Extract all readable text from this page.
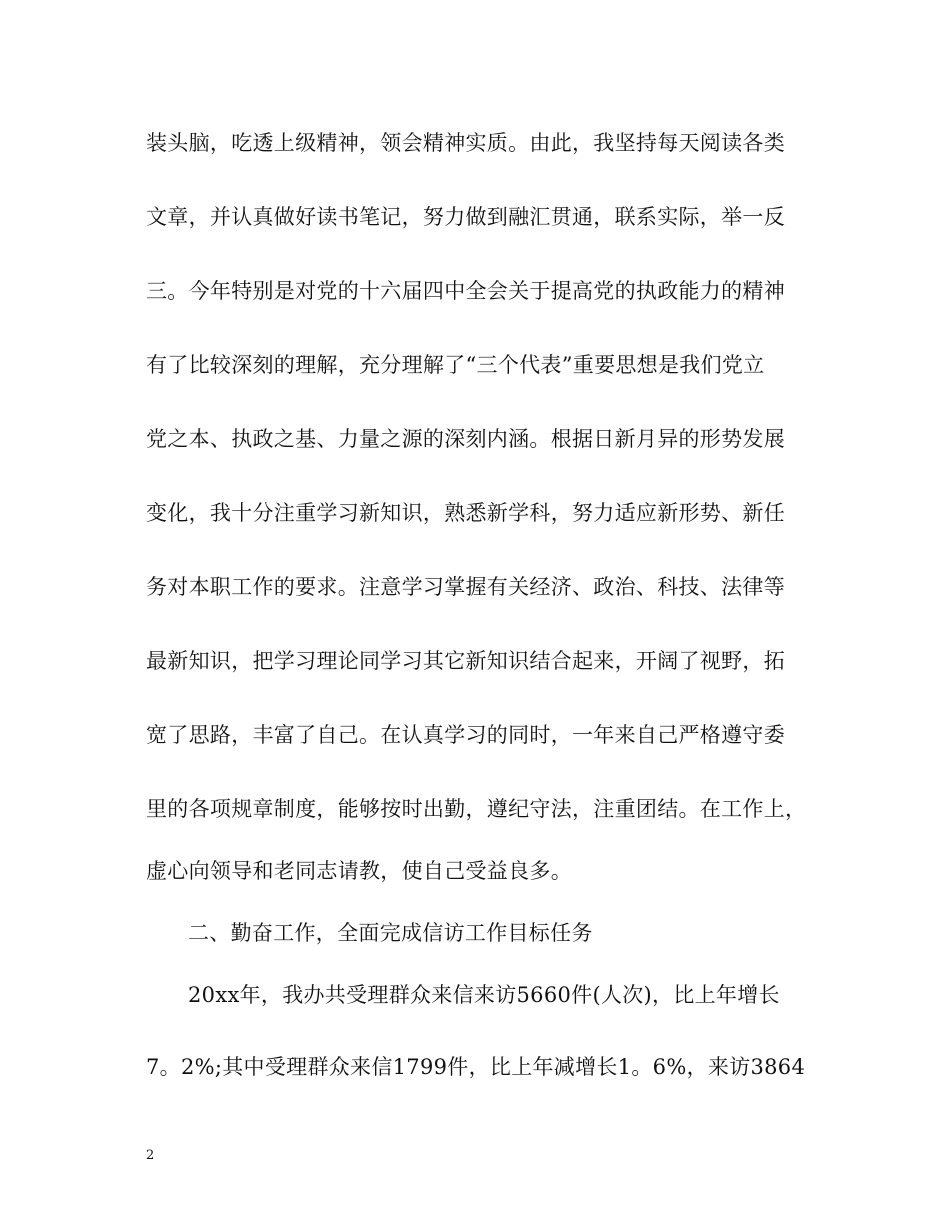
装头脑，吃透上级精神，领会精神实质。由此，我坚持每天阅读各类
文章，并认真做好读书笔记，努力做到融汇贯通，联系实际，举一反
三。今年特别是对党的十六届四中全会关于提高党的执政能力的精神
有了比较深刻的理解，充分理解了“三个代表”重要思想是我们党立
党之本、执政之基、力量之源的深刻内涵。根据日新月异的形势发展
变化，我十分注重学习新知识，熟悉新学科，努力适应新形势、新任
务对本职工作的要求。注意学习掌握有关经济、政治、科技、法律等
最新知识，把学习理论同学习其它新知识结合起来，开阔了视野，拓
宽了思路，丰富了自己。在认真学习的同时，一年来自己严格遵守委
里的各项规章制度，能够按时出勤，遵纪守法，注重团结。在工作上，
虚心向领导和老同志请教，使自己受益良多。
二、勤奋工作，全面完成信访工作目标任务
20xx年，我办共受理群众来信来访5660件(人次)，比上年增长
7。2%;其中受理群众来信1799件，比上年减增长1。6%，来访3864
2
